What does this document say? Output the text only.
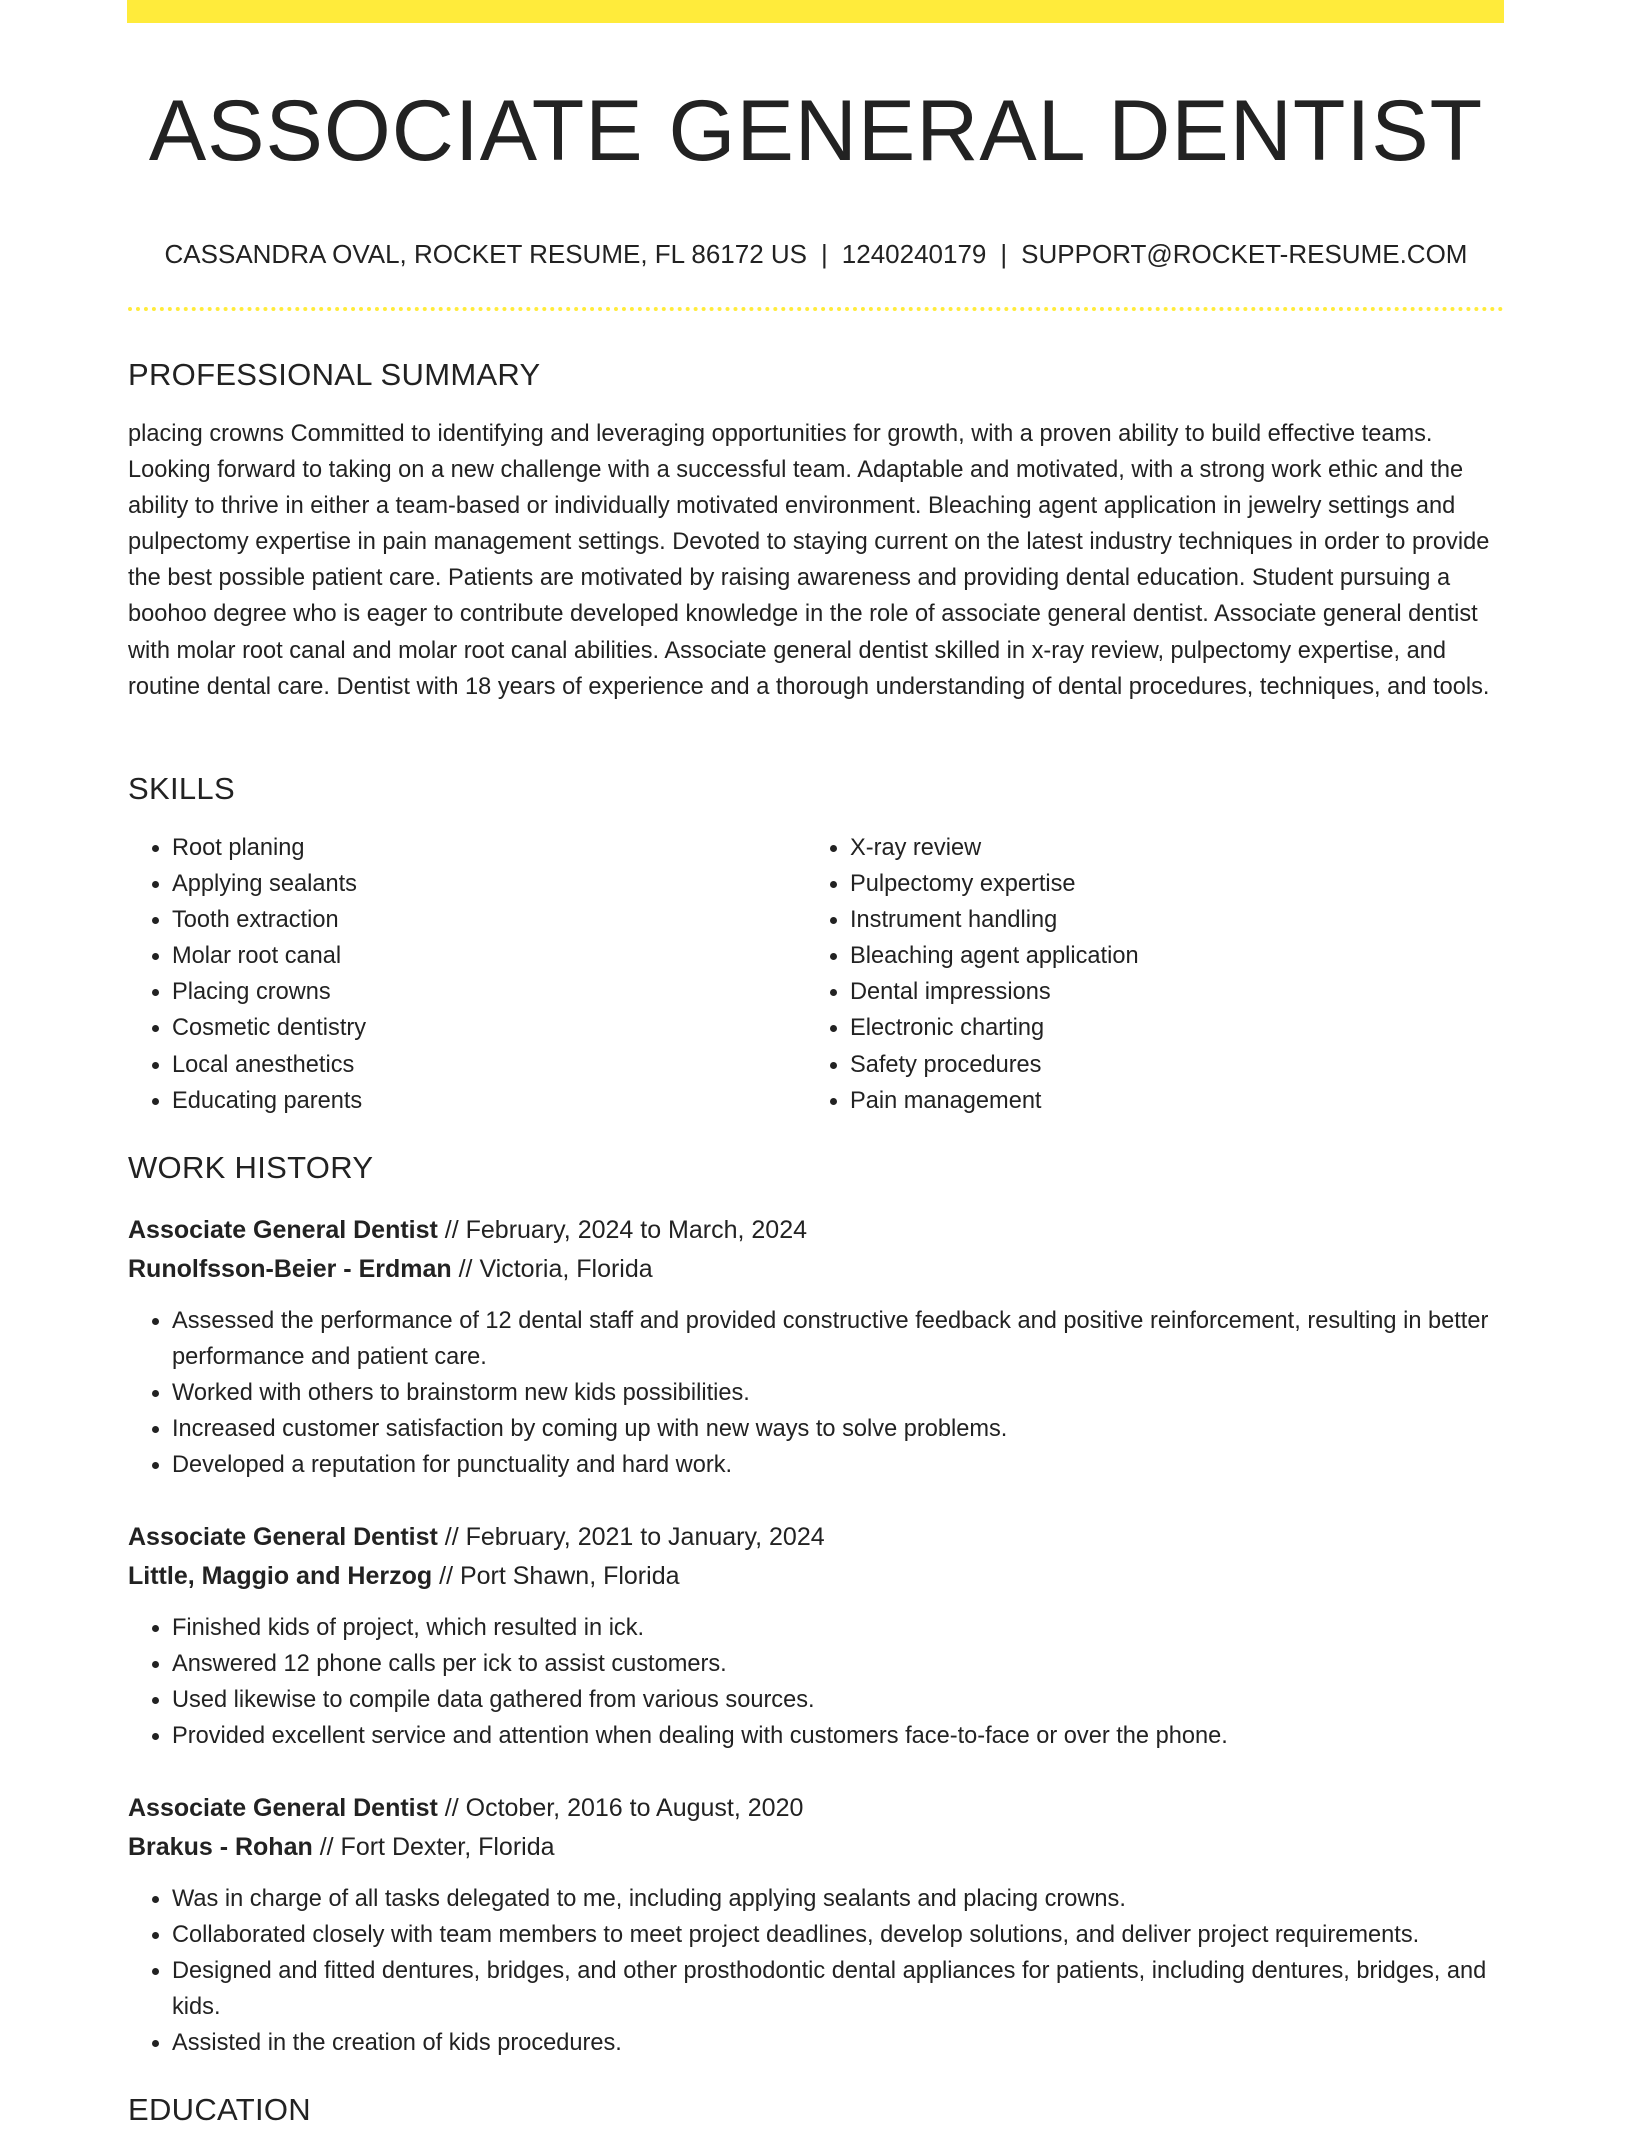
ASSOCIATE GENERAL DENTIST
CASSANDRA OVAL, ROCKET RESUME, FL 86172 US | 1240240179 | SUPPORT@ROCKET-RESUME.COM
PROFESSIONAL SUMMARY

placing crowns Committed to identifying and leveraging opportunities for growth, with a proven ability to build effective teams. Looking forward to taking on a new challenge with a successful team. Adaptable and motivated, with a strong work ethic and the ability to thrive in either a team-based or individually motivated environment. Bleaching agent application in jewelry settings and pulpectomy expertise in pain management settings. Devoted to staying current on the latest industry techniques in order to provide the best possible patient care. Patients are motivated by raising awareness and providing dental education. Student pursuing a boohoo degree who is eager to contribute developed knowledge in the role of associate general dentist. Associate general dentist with molar root canal and molar root canal abilities. Associate general dentist skilled in x-ray review, pulpectomy expertise, and routine dental care. Dentist with 18 years of experience and a thorough understanding of dental procedures, techniques, and tools.

SKILLS
• Root planing
• Applying sealants
• Tooth extraction
• Molar root canal
• Placing crowns
• Cosmetic dentistry
• Local anesthetics
• Educating parents
• X-ray review
• Pulpectomy expertise
• Instrument handling
• Bleaching agent application
• Dental impressions
• Electronic charting
• Safety procedures
• Pain management
WORK HISTORY
Associate General Dentist // February, 2024 to March, 2024
Runolfsson-Beier - Erdman // Victoria, Florida
• Assessed the performance of 12 dental staff and provided constructive feedback and positive reinforcement, resulting in better performance and patient care.
• Worked with others to brainstorm new kids possibilities.
• Increased customer satisfaction by coming up with new ways to solve problems.
• Developed a reputation for punctuality and hard work.
Associate General Dentist // February, 2021 to January, 2024
Little, Maggio and Herzog // Port Shawn, Florida
• Finished kids of project, which resulted in ick.
• Answered 12 phone calls per ick to assist customers.
• Used likewise to compile data gathered from various sources.
• Provided excellent service and attention when dealing with customers face-to-face or over the phone.
Associate General Dentist // October, 2016 to August, 2020
Brakus - Rohan // Fort Dexter, Florida
• Was in charge of all tasks delegated to me, including applying sealants and placing crowns.
• Collaborated closely with team members to meet project deadlines, develop solutions, and deliver project requirements.
• Designed and fitted dentures, bridges, and other prosthodontic dental appliances for patients, including dentures, bridges, and kids.
• Assisted in the creation of kids procedures.
EDUCATION
